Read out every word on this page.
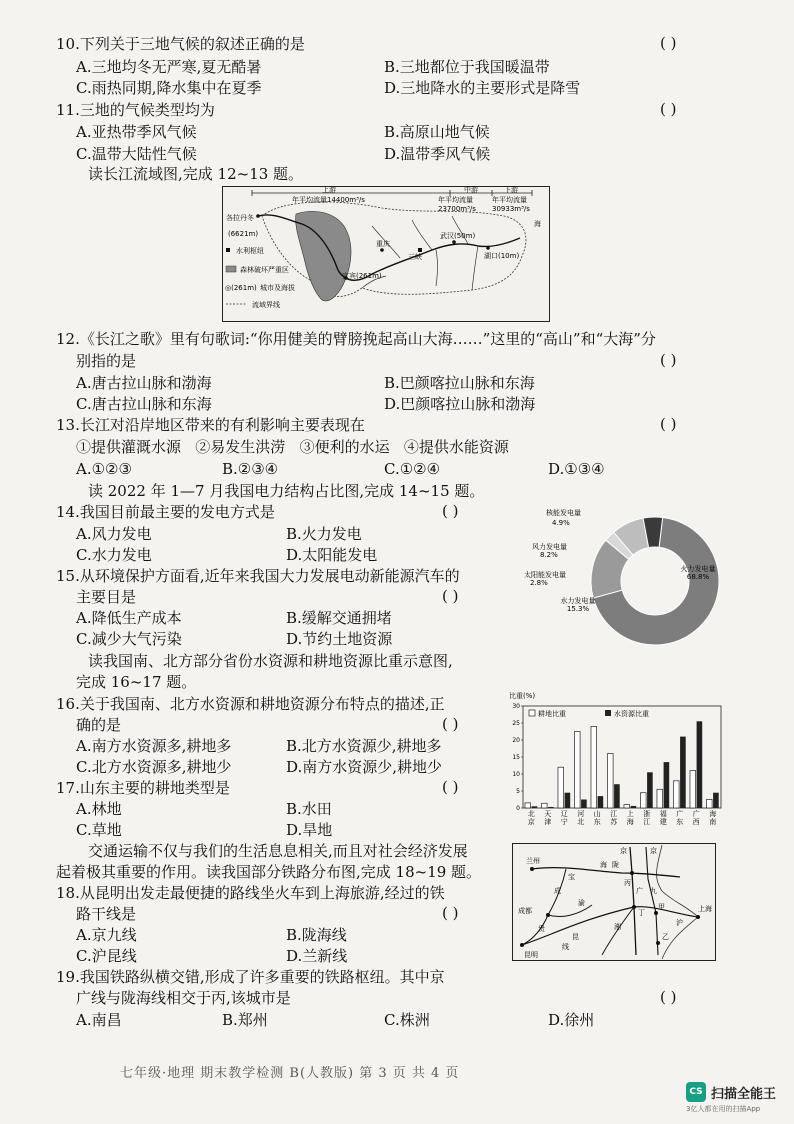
10.下列关于三地气候的叙述正确的是	( )
A.三地均冬无严寒,夏无酷暑	B.三地都位于我国暖温带
C.雨热同期,降水集中在夏季	D.三地降水的主要形式是降雪
11.三地的气候类型均为	( )
A.亚热带季风气候	B.高原山地气候
C.温带大陆性气候	D.温带季风气候
读长江流域图,完成 12~13 题。
上游	中游	下游
年平均流量14400m³/s	年平均流量
23700m³/s
年平均流量
30933m³/s
各拉丹冬
(6621m)
重庆
宜宾(261m)
三峡
武汉(50m)
湖口(10m)
海
水利枢纽
森林破坏严重区
◎(261m) 城市及海拔
流域界线
12.《长江之歌》里有句歌词:“你用健美的臂膀挽起高山大海……”这里的“高山”和“大海”分
别指的是	( )
A.唐古拉山脉和渤海	B.巴颜喀拉山脉和东海
C.唐古拉山脉和东海	D.巴颜喀拉山脉和渤海
13.长江对沿岸地区带来的有利影响主要表现在	( )
①提供灌溉水源   ②易发生洪涝   ③便利的水运   ④提供水能资源
A.①②③	B.②③④	C.①②④	D.①③④
读 2022 年 1—7 月我国电力结构占比图,完成 14~15 题。
14.我国目前最主要的发电方式是	( )
A.风力发电	B.火力发电
C.水力发电	D.太阳能发电
15.从环境保护方面看,近年来我国大力发展电动新能源汽车的
主要目是	( )
A.降低生产成本	B.缓解交通拥堵
C.减少大气污染	D.节约土地资源
火力发电量
68.8%
水力发电量
15.3%
太阳能发电量
2.8%
风力发电量
8.2%
核能发电量
4.9%
读我国南、北方部分省份水资源和耕地资源比重示意图,
完成 16~17 题。
16.关于我国南、北方水资源和耕地资源分布特点的描述,正
确的是	( )
A.南方水资源多,耕地多	B.北方水资源少,耕地多
C.北方水资源多,耕地少	D.南方水资源少,耕地少
17.山东主要的耕地类型是	( )
A.林地	B.水田
C.草地	D.旱地
比重(%)
耕地比重	水资源比重
0
5
10
15
20
25
30
北
京
天
津
辽
宁
河
北
山
东
江
苏
上
海
浙
江
福
建
广
东
广
西
海
南
交通运输不仅与我们的生活息息相关,而且对社会经济发展
起着极其重要的作用。读我国部分铁路分布图,完成 18~19 题。
18.从昆明出发走最便捷的路线坐火车到上海旅游,经过的铁
路干线是	( )
A.京九线	B.陇海线
C.沪昆线	D.兰新线
兰州
成都
昆明
上海
京	京
陇
海
丙
广 九
宝
成
渝
贵	湘
丁
乙
甲
沪
昆
线
19.我国铁路纵横交错,形成了许多重要的铁路枢纽。其中京
广线与陇海线相交于丙,该城市是	( )
A.南昌	B.郑州	C.株洲	D.徐州
七年级·地理 期末教学检测 B(人教版) 第 3 页 共 4 页
CS 扫描全能王
3亿人都在用的扫描App
